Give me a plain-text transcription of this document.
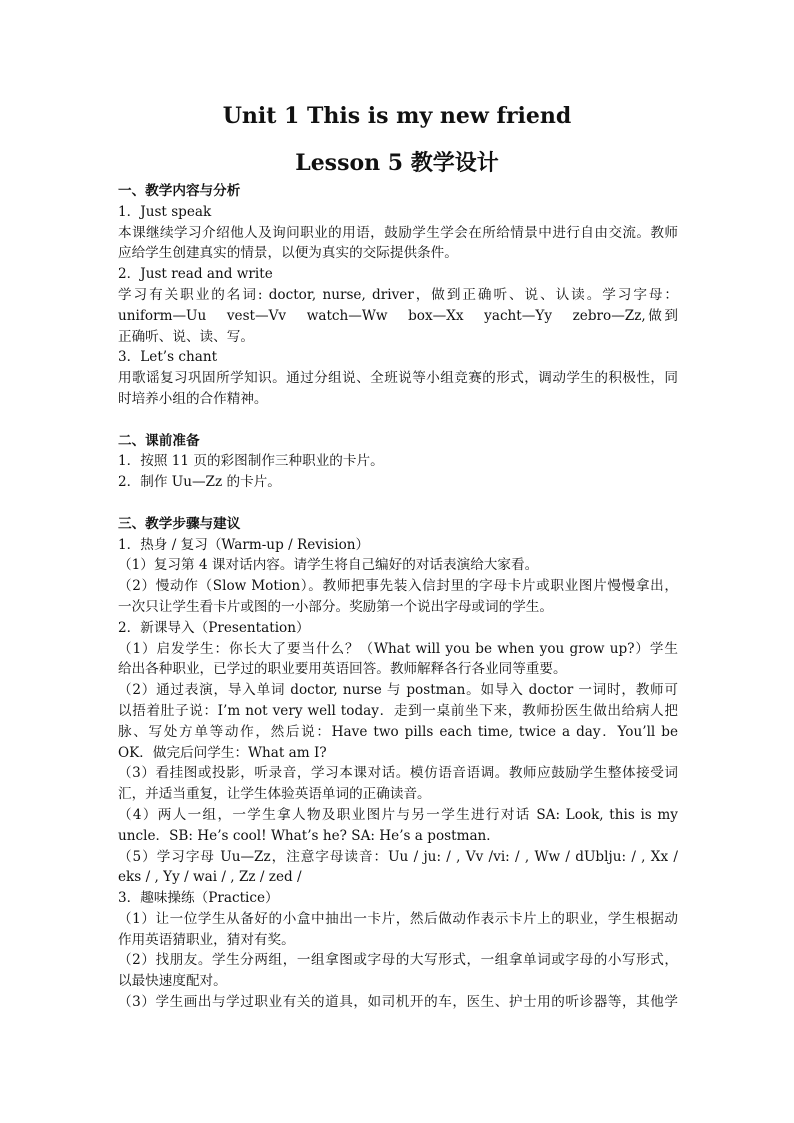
Unit 1 This is my new friend
Lesson 5 教学设计
一、教学内容与分析
1．Just speak
本课继续学习介绍他人及询问职业的用语，鼓励学生学会在所给情景中进行自由交流。教师
应给学生创建真实的情景，以便为真实的交际提供条件。
2．Just read and write
学习有关职业的名词: doctor, nurse, driver，做到正确听、说、认读。学习字母：
uniform—Uu   vest—Vv   watch—Ww   box—Xx   yacht—Yy   zebro—Zz,做到
正确听、说、读、写。
3．Let’s chant
用歌谣复习巩固所学知识。通过分组说、全班说等小组竞赛的形式，调动学生的积极性，同
时培养小组的合作精神。
二、课前准备
1．按照 11 页的彩图制作三种职业的卡片。
2．制作 Uu—Zz 的卡片。
三、教学步骤与建议
1．热身 / 复习（Warm-up / Revision）
（1）复习第 4 课对话内容。请学生将自己编好的对话表演给大家看。
（2）慢动作（Slow Motion）。教师把事先装入信封里的字母卡片或职业图片慢慢拿出，
一次只让学生看卡片或图的一小部分。奖励第一个说出字母或词的学生。
2．新课导入（Presentation）
（1）启发学生：你长大了要当什么？（What will you be when you grow up?）学生
给出各种职业，已学过的职业要用英语回答。教师解释各行各业同等重要。
（2）通过表演，导入单词 doctor, nurse 与 postman。如导入 doctor 一词时，教师可
以捂着肚子说：I’m not very well today．走到一桌前坐下来，教师扮医生做出给病人把
脉、写处方单等动作，然后说：Have two pills each time, twice a day．You’ll be
OK．做完后问学生：What am I?
（3）看挂图或投影，听录音，学习本课对话。模仿语音语调。教师应鼓励学生整体接受词
汇，并适当重复，让学生体验英语单词的正确读音。
（4）两人一组，一学生拿人物及职业图片与另一学生进行对话 SA: Look, this is my
uncle．SB: He’s cool! What’s he? SA: He’s a postman．
（5）学习字母 Uu—Zz，注意字母读音：Uu / ju: / , Vv /vi: / , Ww / dUblju: / , Xx /
eks / , Yy / wai / , Zz / zed /
3．趣味操练（Practice）
（1）让一位学生从备好的小盒中抽出一卡片，然后做动作表示卡片上的职业，学生根据动
作用英语猜职业，猜对有奖。
（2）找朋友。学生分两组，一组拿图或字母的大写形式，一组拿单词或字母的小写形式，
以最快速度配对。
（3）学生画出与学过职业有关的道具，如司机开的车，医生、护士用的听诊器等，其他学
